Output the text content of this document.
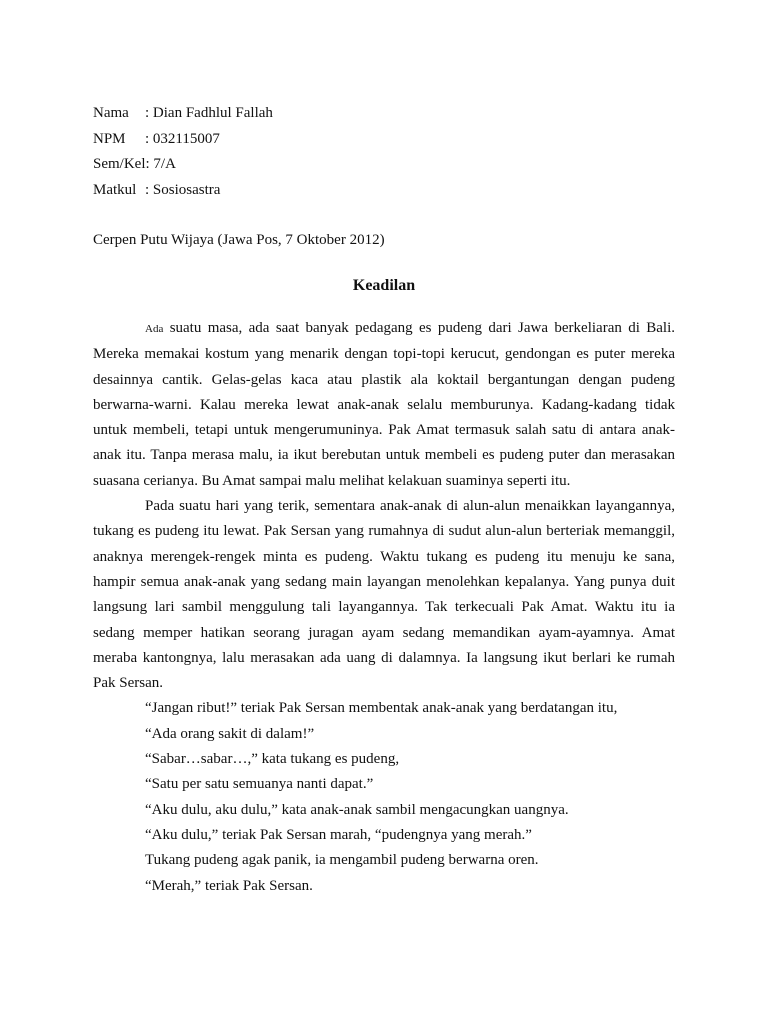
Nama : Dian Fadhlul Fallah
NPM : 032115007
Sem/Kel: 7/A
Matkul : Sosiosastra
Cerpen Putu Wijaya (Jawa Pos, 7 Oktober 2012)
Keadilan

Ada suatu masa, ada saat banyak pedagang es pudeng dari Jawa berkeliaran di Bali. Mereka memakai kostum yang menarik dengan topi-topi kerucut, gendongan es puter mereka desainnya cantik. Gelas-gelas kaca atau plastik ala koktail bergantungan dengan pudeng berwarna-warni. Kalau mereka lewat anak-anak selalu memburunya. Kadang-kadang tidak untuk membeli, tetapi untuk mengerumuninya. Pak Amat termasuk salah satu di antara anak-anak itu. Tanpa merasa malu, ia ikut berebutan untuk membeli es pudeng puter dan merasakan suasana cerianya. Bu Amat sampai malu melihat kelakuan suaminya seperti itu.

Pada suatu hari yang terik, sementara anak-anak di alun-alun menaikkan layangannya, tukang es pudeng itu lewat. Pak Sersan yang rumahnya di sudut alun-alun berteriak memanggil, anaknya merengek-rengek minta es pudeng. Waktu tukang es pudeng itu menuju ke sana, hampir semua anak-anak yang sedang main layangan menolehkan kepalanya. Yang punya duit langsung lari sambil menggulung tali layangannya. Tak terkecuali Pak Amat. Waktu itu ia sedang memper hatikan seorang juragan ayam sedang memandikan ayam-ayamnya. Amat meraba kantongnya, lalu merasakan ada uang di dalamnya. Ia langsung ikut berlari ke rumah Pak Sersan.

“Jangan ribut!” teriak Pak Sersan membentak anak-anak yang berdatangan itu,
“Ada orang sakit di dalam!”
“Sabar…sabar…,” kata tukang es pudeng,
“Satu per satu semuanya nanti dapat.”
“Aku dulu, aku dulu,” kata anak-anak sambil mengacungkan uangnya.
“Aku dulu,” teriak Pak Sersan marah, “pudengnya yang merah.”
Tukang pudeng agak panik, ia mengambil pudeng berwarna oren.
“Merah,” teriak Pak Sersan.
